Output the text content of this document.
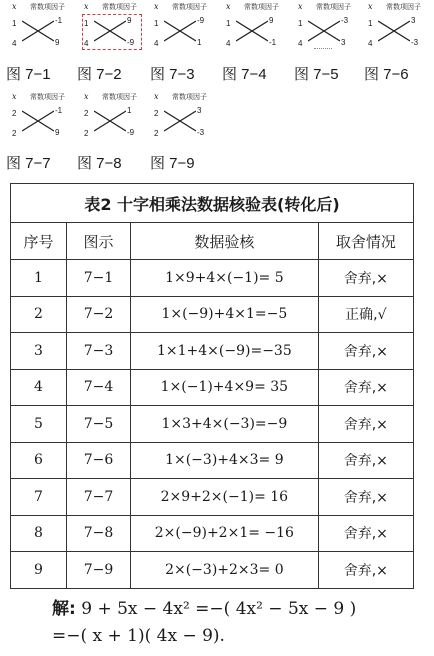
x 常数项因子
1	-1
4	9
x 常数项因子
1	9
4	-9
x 常数项因子
1	-9
4	1
x 常数项因子
1	9
4	-1
x 常数项因子
1	-3
4	3
x 常数项因子
1	3
4	-3
图 7−1 图 7−2 图 7−3 图 7−4 图 7−5 图 7−6
x 常数项因子
2	-1
2	9
x 常数项因子
2	1
2	-9
x 常数项因子
2	3
2	-3
图 7−7 图 7−8 图 7−9
表2 十字相乘法数据核验表(转化后)			
序号	图示	数据验核	取舍情况
1	7−1	1×9+4×(−1)= 5	舍弃,×
2	7−2	1×(−9)+4×1=−5	正确,√
3	7−3	1×1+4×(−9)=−35	舍弃,×
4	7−4	1×(−1)+4×9= 35	舍弃,×
5	7−5	1×3+4×(−3)=−9	舍弃,×
6	7−6	1×(−3)+4×3= 9	舍弃,×
7	7−7	2×9+2×(−1)= 16	舍弃,×
8	7−8	2×(−9)+2×1= −16	舍弃,×
9	7−9	2×(−3)+2×3= 0	舍弃,×
解: 9 + 5x − 4x² =−( 4x² − 5x − 9 )
=−( x + 1)( 4x − 9).
